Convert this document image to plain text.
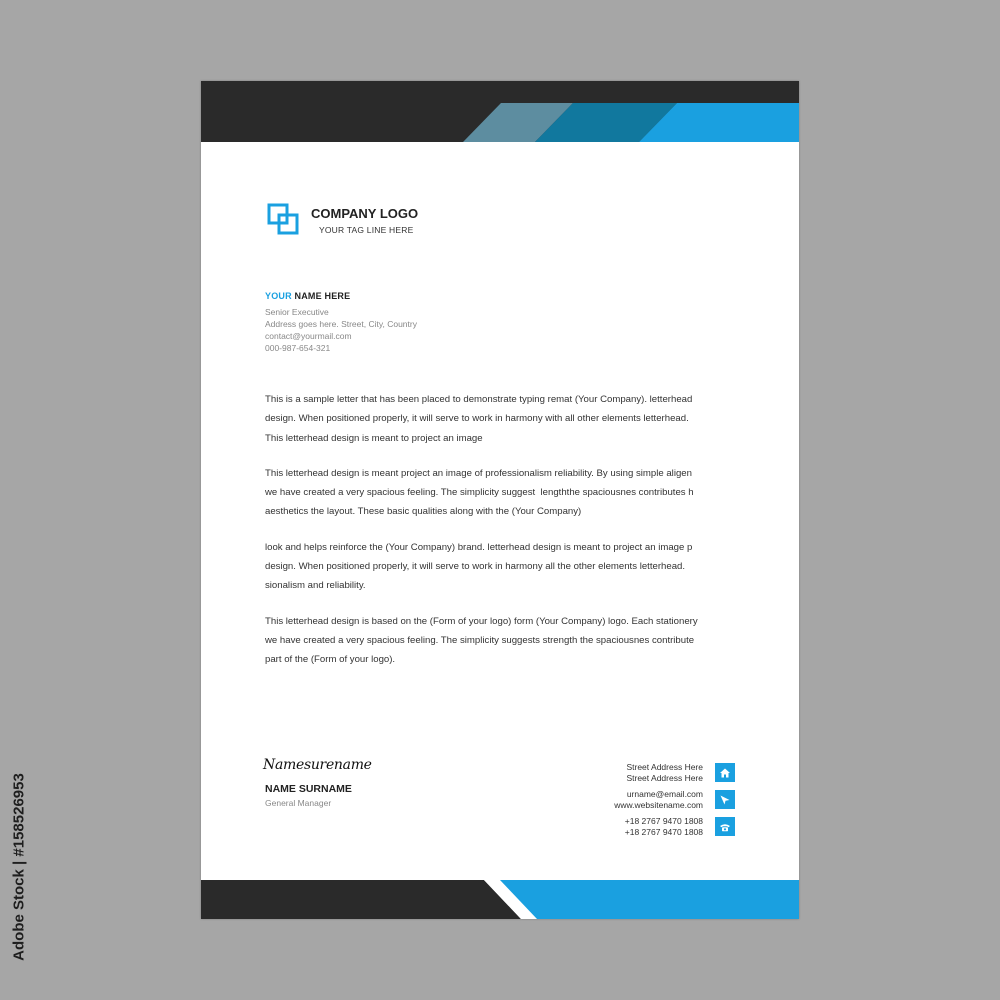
COMPANY LOGO
YOUR TAG LINE HERE
YOUR NAME HERE
Senior Executive
Address goes here. Street, City, Country
contact@yourmail.com
000-987-654-321
This is a sample letter that has been placed to demonstrate typing remat (Your Company). letterhead
design. When positioned properly, it will serve to work in harmony with all other elements letterhead.
This letterhead design is meant to project an image
This letterhead design is meant project an image of professionalism reliability. By using simple aligen
we have created a very spacious feeling. The simplicity suggest  lengththe spaciousnes contributes h
aesthetics the layout. These basic qualities along with the (Your Company)
look and helps reinforce the (Your Company) brand. letterhead design is meant to project an image p
design. When positioned properly, it will serve to work in harmony all the other elements letterhead.
sionalism and reliability.
This letterhead design is based on the (Form of your logo) form (Your Company) logo. Each stationery
we have created a very spacious feeling. The simplicity suggests strength the spaciousnes contribute
part of the (Form of your logo).
Namesurename
NAME SURNAME
General Manager
Street Address Here
Street Address Here
urname@email.com
www.websitename.com
+18 2767 9470 1808
+18 2767 9470 1808
Adobe Stock | #158526953
